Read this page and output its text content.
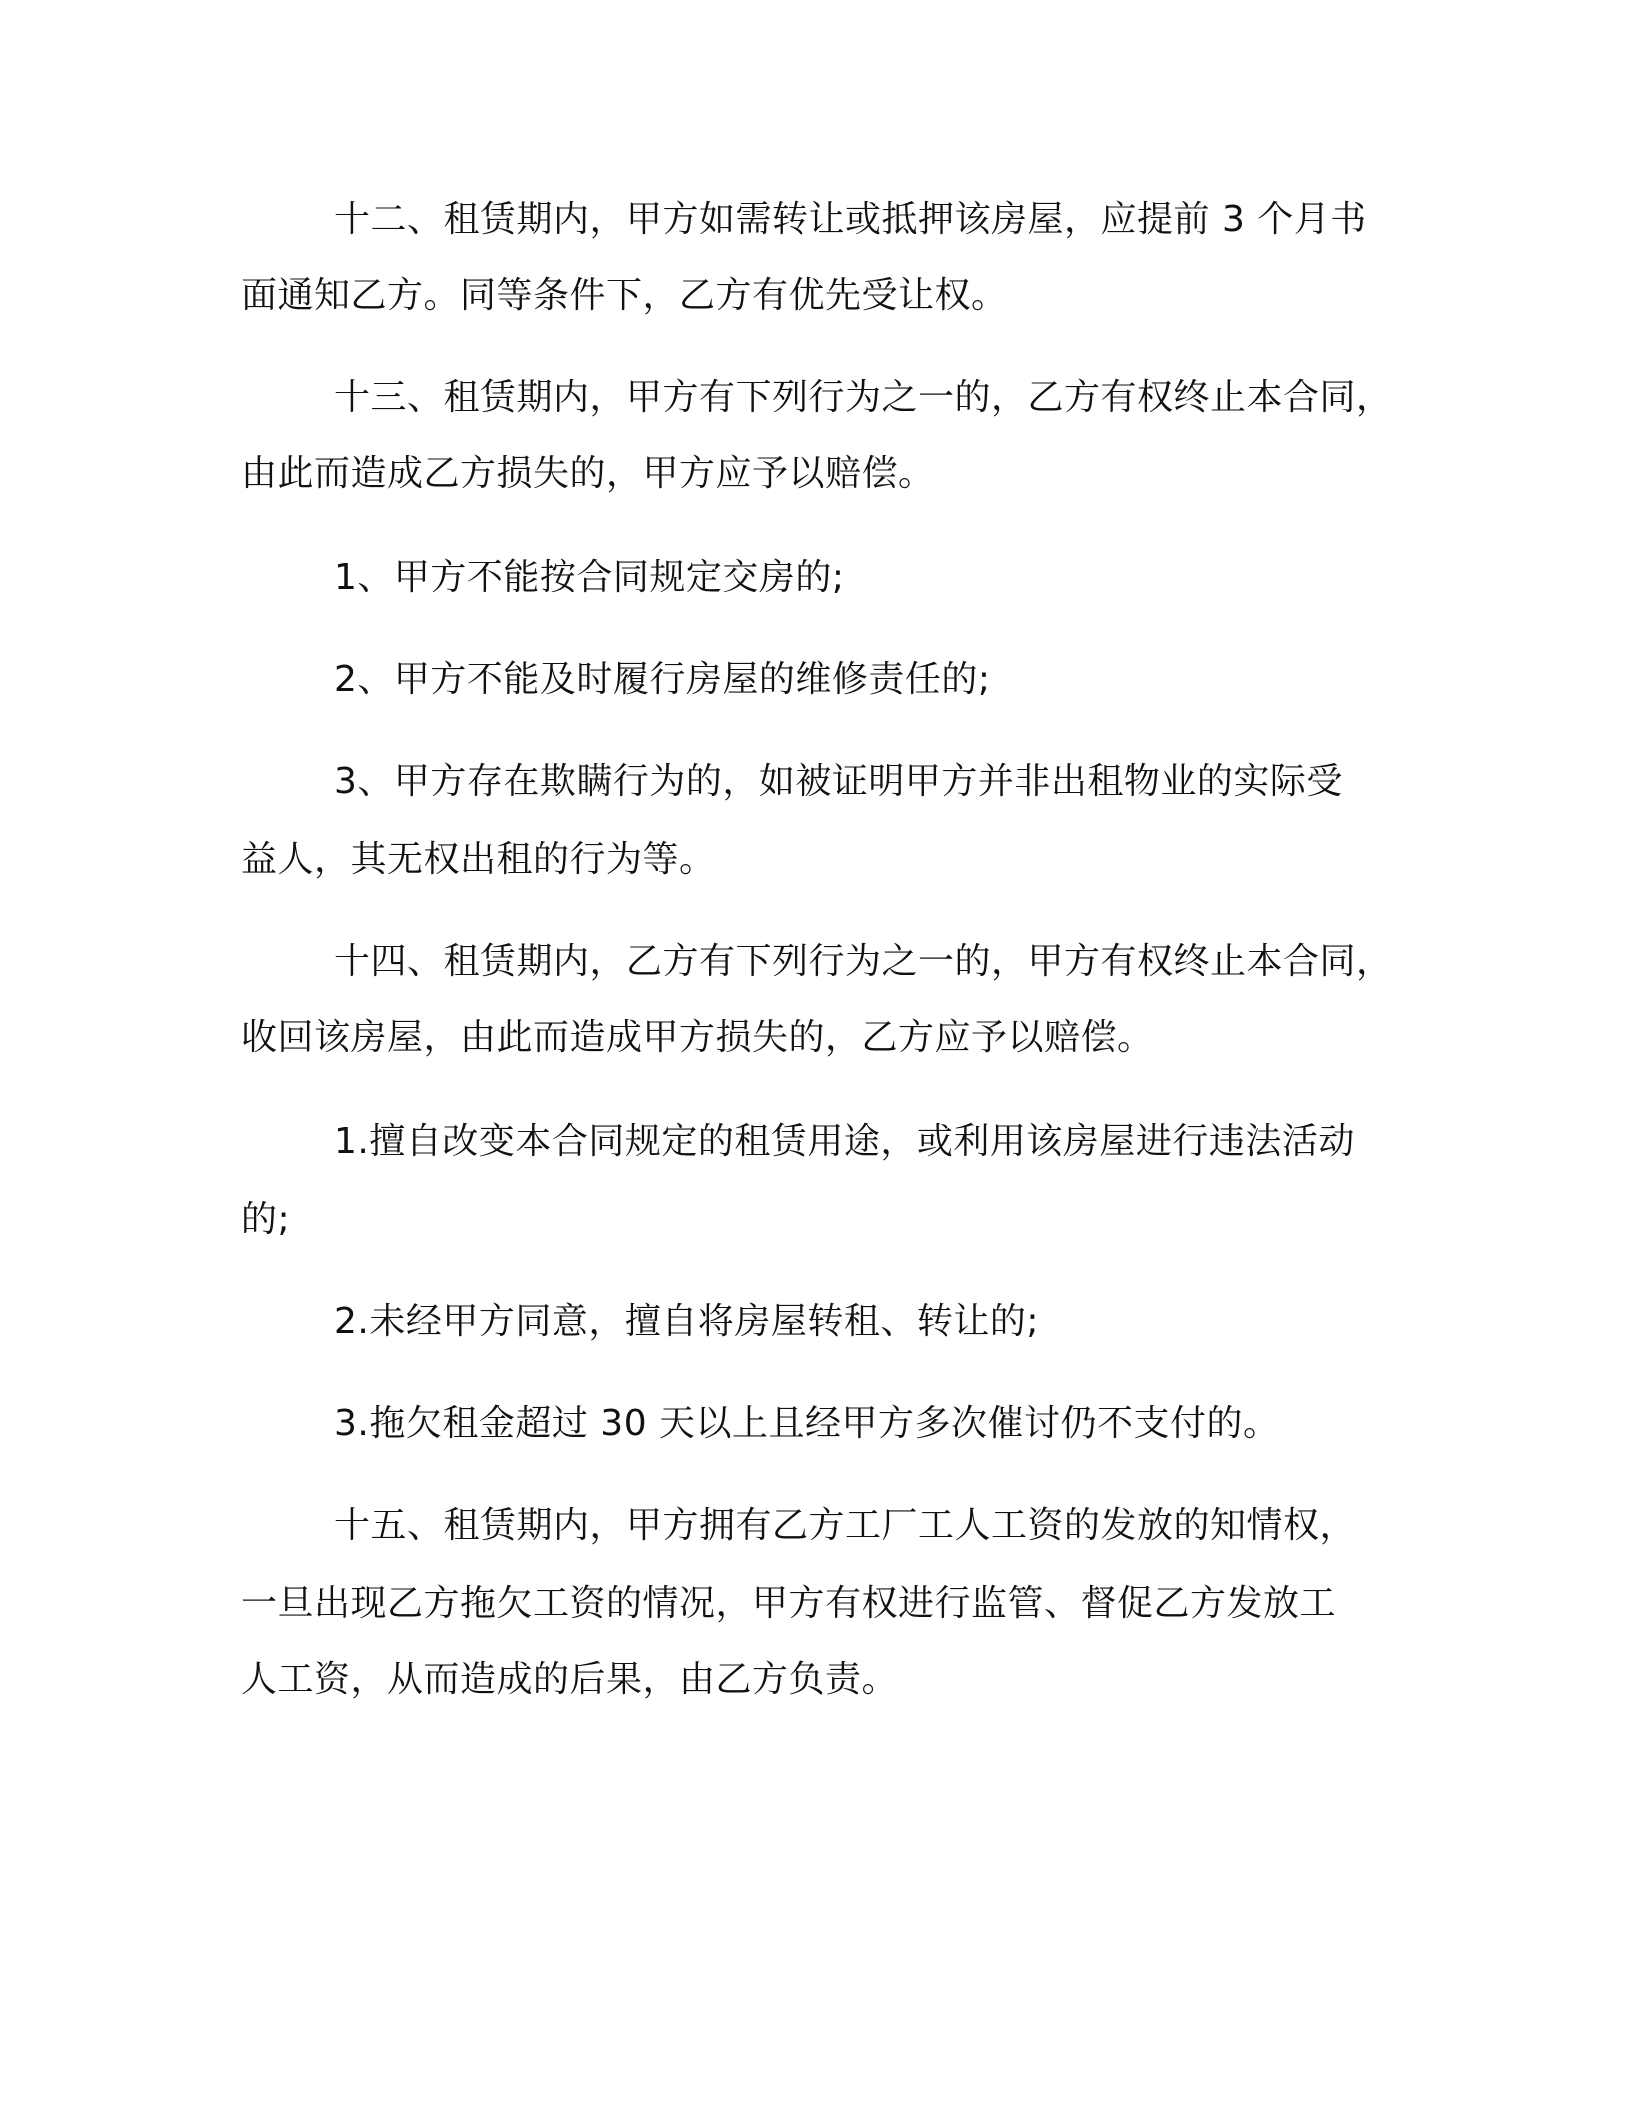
十二、租赁期内，甲方如需转让或抵押该房屋，应提前 3 个月书
面通知乙方。同等条件下，乙方有优先受让权。
十三、租赁期内，甲方有下列行为之一的，乙方有权终止本合同，
由此而造成乙方损失的，甲方应予以赔偿。
1、甲方不能按合同规定交房的;
2、甲方不能及时履行房屋的维修责任的;
3、甲方存在欺瞒行为的，如被证明甲方并非出租物业的实际受
益人，其无权出租的行为等。
十四、租赁期内，乙方有下列行为之一的，甲方有权终止本合同，
收回该房屋，由此而造成甲方损失的，乙方应予以赔偿。
1.擅自改变本合同规定的租赁用途，或利用该房屋进行违法活动
的;
2.未经甲方同意，擅自将房屋转租、转让的;
3.拖欠租金超过 30 天以上且经甲方多次催讨仍不支付的。
十五、租赁期内，甲方拥有乙方工厂工人工资的发放的知情权，
一旦出现乙方拖欠工资的情况，甲方有权进行监管、督促乙方发放工
人工资，从而造成的后果，由乙方负责。
